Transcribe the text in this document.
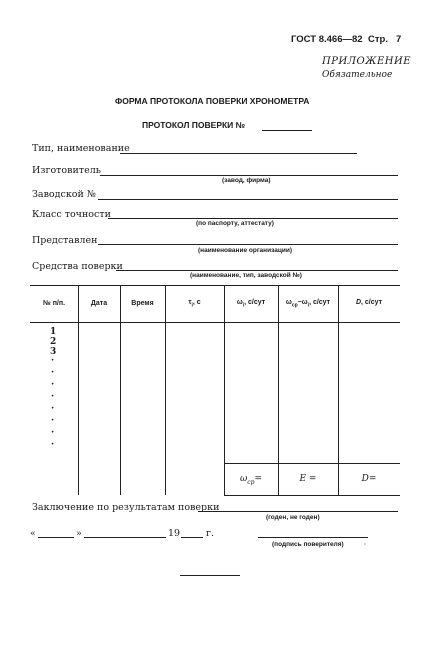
ГОСТ 8.466—82 Стр. 7
ПРИЛОЖЕНИЕ
Обязательное
ФОРМА ПРОТОКОЛА ПОВЕРКИ ХРОНОМЕТРА
ПРОТОКОЛ ПОВЕРКИ №
Тип, наименование
Изготовитель
(завод, фирма)
Заводской №
Класс точности
(по паспорту, аттестату)
Представлен
(наименование организации)
Средства поверки
(наименование, тип, заводской №)
№ п/п.	Дата	Время	$\tau_i$, с	$\omega_i$, с/сут	$\omega_{ср}-\omega_i$, с/сут	D, с/сут
1
2
3
·
·
·
·
·
·
·
·
$\omega_{ср}=$	E =	D=
Заключение по результатам поверки
(годен, не годен)
«	»	19	г.
(подпись поверителя)	·
